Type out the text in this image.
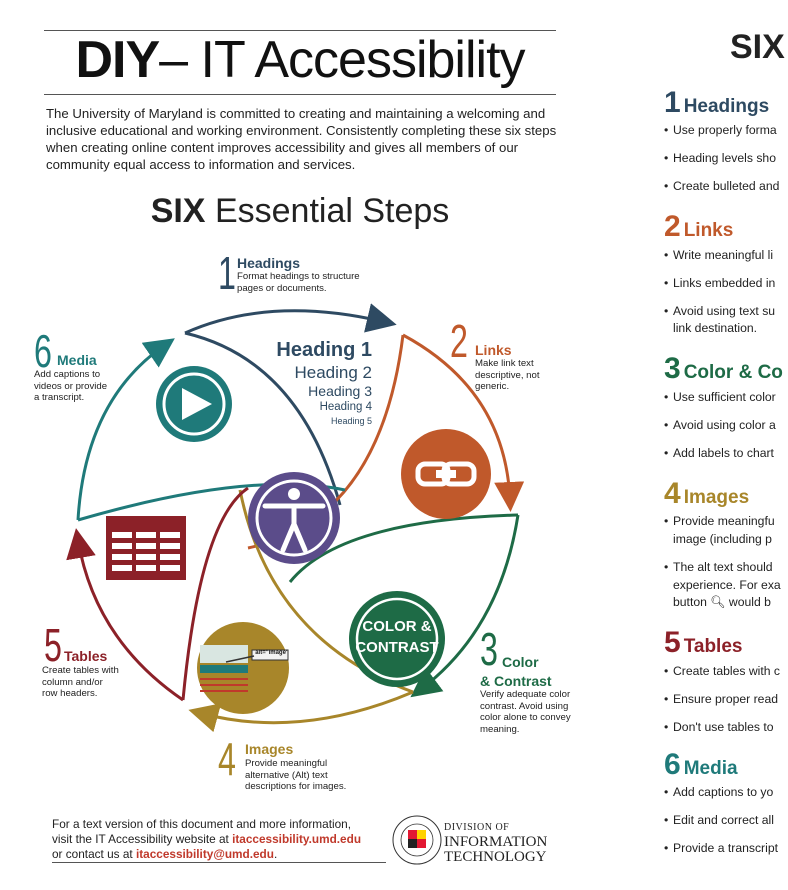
DIY– IT Accessibility
The University of Maryland is committed to creating and maintaining a welcoming and inclusive educational and working environment. Consistently completing these six steps when creating online content improves accessibility and gives all members of our community equal access to information and services.
SIX Essential Steps
COLOR &
CONTRAST
alt="image"
Heading 1
Heading 2
Heading 3
Heading 4
Heading 5
1 Headings
Format headings to structure
pages or documents.
2 Links
Make link text
descriptive, not
generic.
3 Color
& Contrast
Verify adequate color
contrast. Avoid using
color alone to convey
meaning.
4 Images
Provide meaningful
alternative (Alt) text
descriptions for images.
5 Tables
Create tables with
column and/or
row headers.
6 Media
Add captions to
videos or provide
a transcript.
For a text version of this document and more information,
visit the IT Accessibility website at itaccessibility.umd.edu
or contact us at itaccessibility@umd.edu.
DIVISION OF
INFORMATION
TECHNOLOGY
SIX
1 Headings
• Use properly forma
• Heading levels sho
• Create bulleted and
2 Links
• Write meaningful li
• Links embedded in
• Avoid using text su
link destination.
3 Color & Co
• Use sufficient color
• Avoid using color a
• Add labels to chart
4 Images
• Provide meaningfu
image (including p
• The alt text should
experience. For exa
button 🔍︎ would b
5 Tables
• Create tables with c
• Ensure proper read
• Don't use tables to
6 Media
• Add captions to yo
• Edit and correct all
• Provide a transcript
